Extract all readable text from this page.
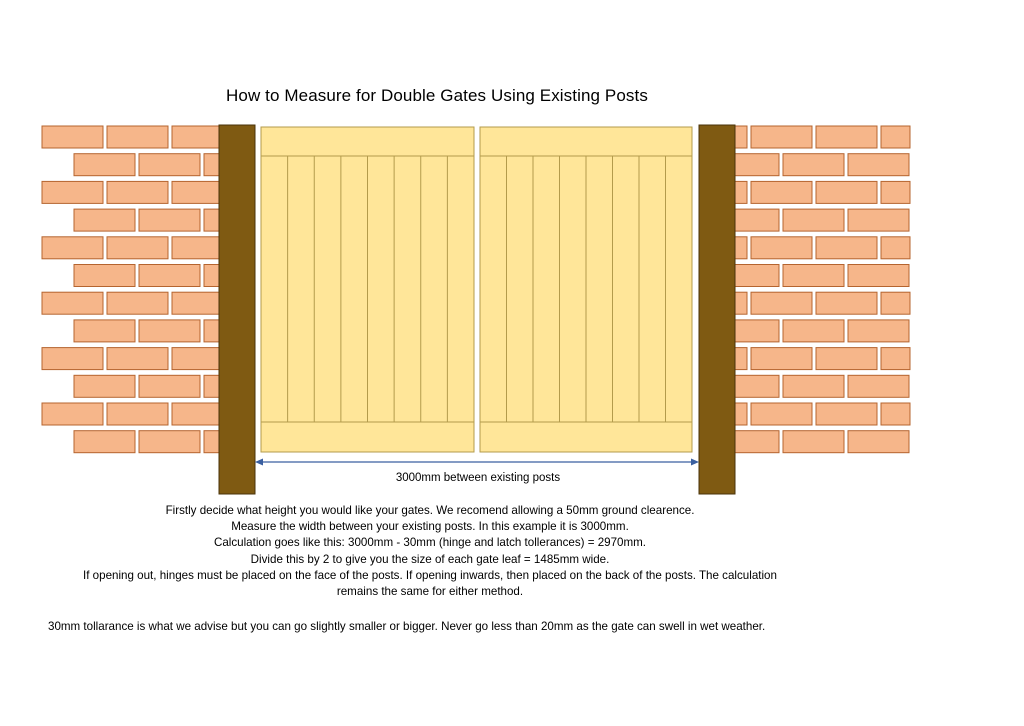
How to Measure for Double Gates Using Existing Posts
3000mm between existing posts
Firstly decide what height you would like your gates. We recomend allowing a 50mm ground clearence.
Measure the width between your existing posts. In this example it is 3000mm.
Calculation goes like this: 3000mm - 30mm (hinge and latch tollerances) = 2970mm.
Divide this by 2 to give you the size of each gate leaf = 1485mm wide.
If opening out, hinges must be placed on the face of the posts. If opening inwards, then placed on the back of the posts. The calculation
remains the same for either method.
30mm tollarance is what we advise but you can go slightly smaller or bigger. Never go less than 20mm as the gate can swell in wet weather.
